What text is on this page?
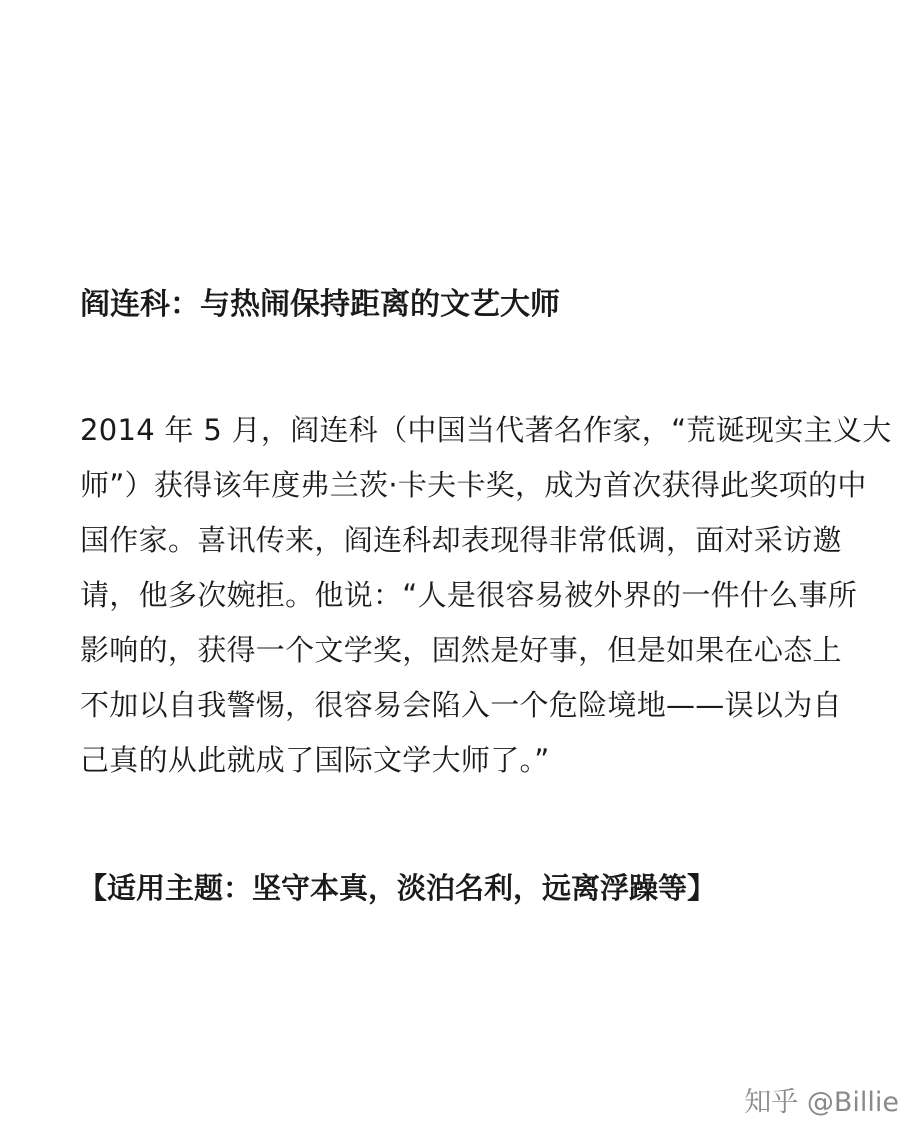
阎连科：与热闹保持距离的文艺大师
2014 年 5 月，阎连科（中国当代著名作家，“荒诞现实主义大
师”）获得该年度弗兰茨·卡夫卡奖，成为首次获得此奖项的中
国作家。喜讯传来，阎连科却表现得非常低调，面对采访邀
请，他多次婉拒。他说：“人是很容易被外界的一件什么事所
影响的，获得一个文学奖，固然是好事，但是如果在心态上
不加以自我警惕，很容易会陷入一个危险境地——误以为自
己真的从此就成了国际文学大师了。”
【适用主题：坚守本真，淡泊名利，远离浮躁等】
知乎 @Billie
